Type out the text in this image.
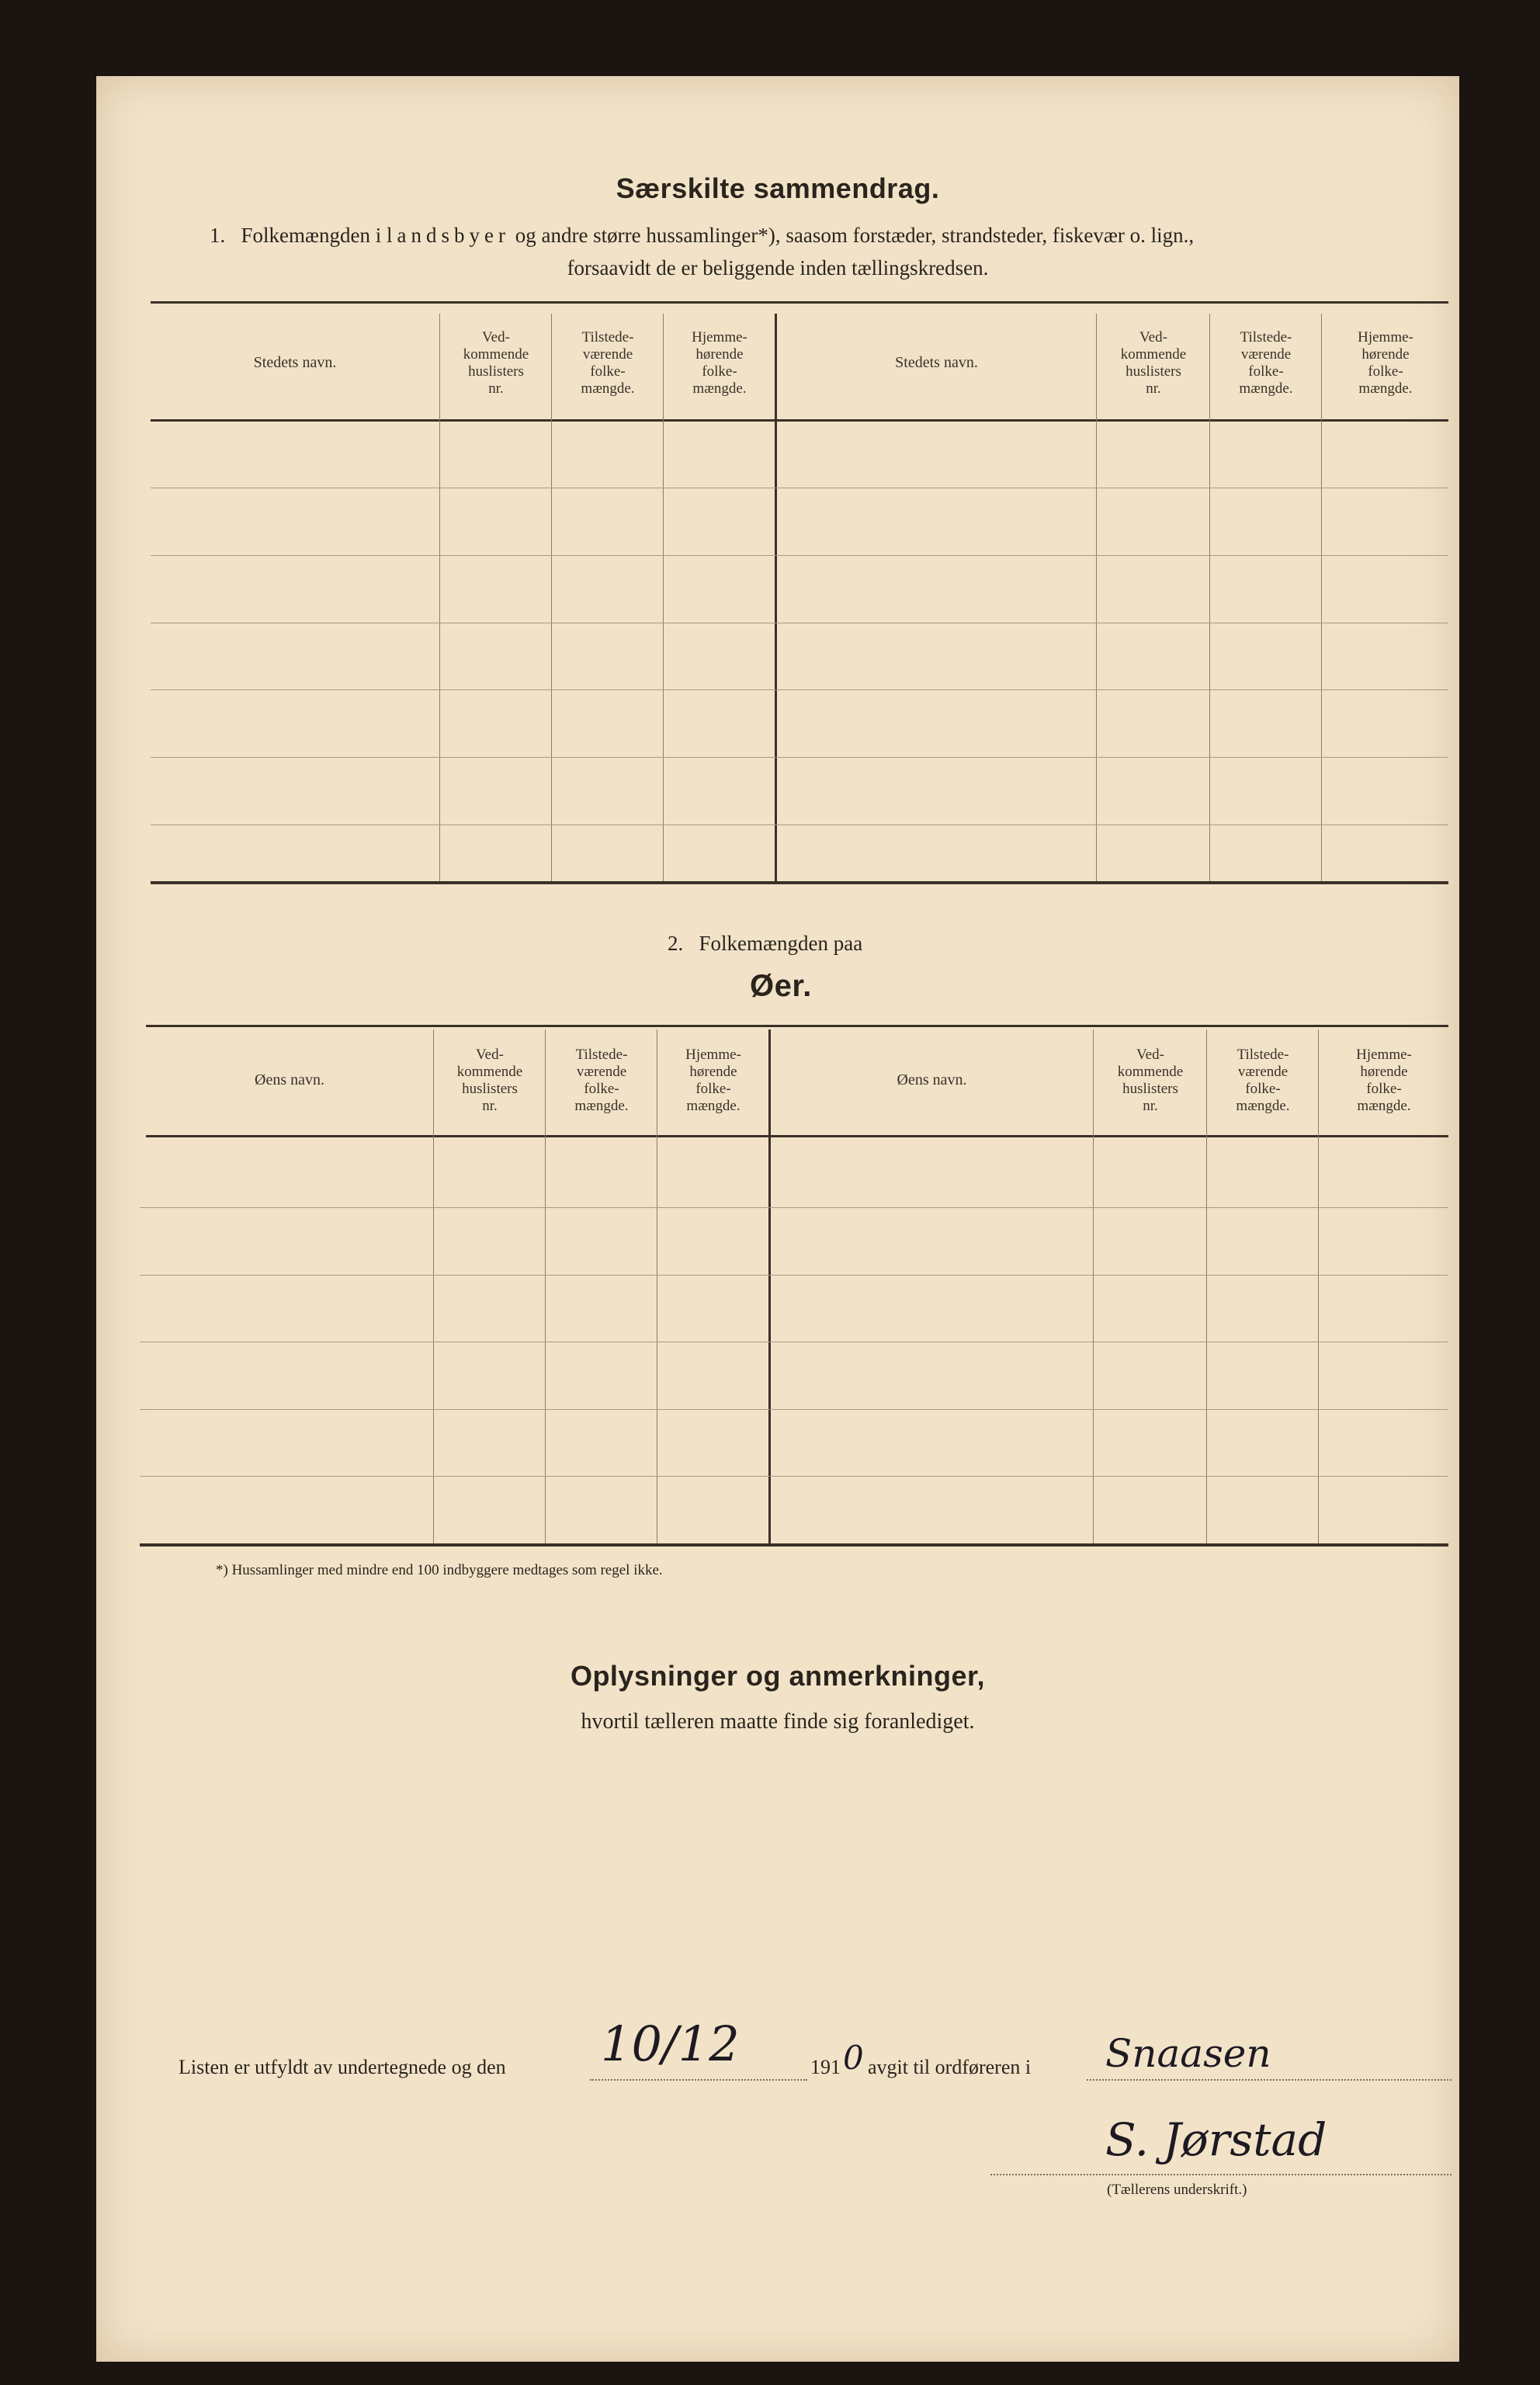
Særskilte sammendrag.
1. Folkemængden i landsbyer og andre større hussamlinger*), saasom forstæder, strandsteder, fiskevær o. lign.,
forsaavidt de er beliggende inden tællingskredsen.
Stedets navn.
Ved-
kommende
huslisters
nr.
Tilstede-
værende
folke-
mængde.
Hjemme-
hørende
folke-
mængde.
Stedets navn.
Ved-
kommende
huslisters
nr.
Tilstede-
værende
folke-
mængde.
Hjemme-
hørende
folke-
mængde.
2. Folkemængden paa
Øer.
Øens navn.
Ved-
kommende
huslisters
nr.
Tilstede-
værende
folke-
mængde.
Hjemme-
hørende
folke-
mængde.
Øens navn.
Ved-
kommende
huslisters
nr.
Tilstede-
værende
folke-
mængde.
Hjemme-
hørende
folke-
mængde.
*) Hussamlinger med mindre end 100 indbyggere medtages som regel ikke.
Oplysninger og anmerkninger,
hvortil tælleren maatte finde sig foranlediget.
Listen er utfyldt av undertegnede og den 10/12	191 0 avgit til ordføreren i Snaasen
S. Jørstad
(Tællerens underskrift.)
